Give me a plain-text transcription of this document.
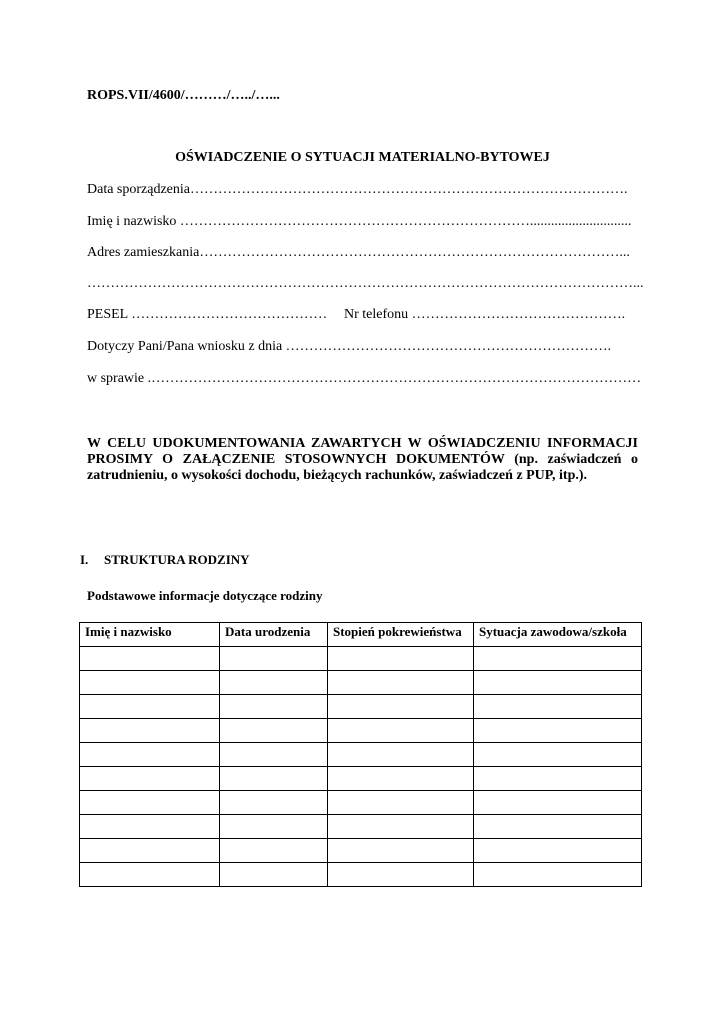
ROPS.VII/4600/………/…../…...
OŚWIADCZENIE O SYTUACJI MATERIALNO-BYTOWEJ
Data sporządzenia………………………………………………………………………………….
Imię i nazwisko ………………………………………………………………….............................
Adres zamieszkania………………………………………………………………………………...
………………………………………………………………………………………………………...
PESEL …………………………………… Nr telefonu ……………………………………….
Dotyczy Pani/Pana wniosku z dnia …………………………………………………………….
w sprawie .……………………………………………………………………………………………
W CELU UDOKUMENTOWANIA ZAWARTYCH W OŚWIADCZENIU INFORMACJI PROSIMY O ZAŁĄCZENIE STOSOWNYCH DOKUMENTÓW (np. zaświadczeń o zatrudnieniu, o wysokości dochodu, bieżących rachunków, zaświadczeń z PUP, itp.).
I. STRUKTURA RODZINY
Podstawowe informacje dotyczące rodziny
Imię i nazwisko	Data urodzenia	Stopień pokrewieństwa	Sytuacja zawodowa/szkoła
